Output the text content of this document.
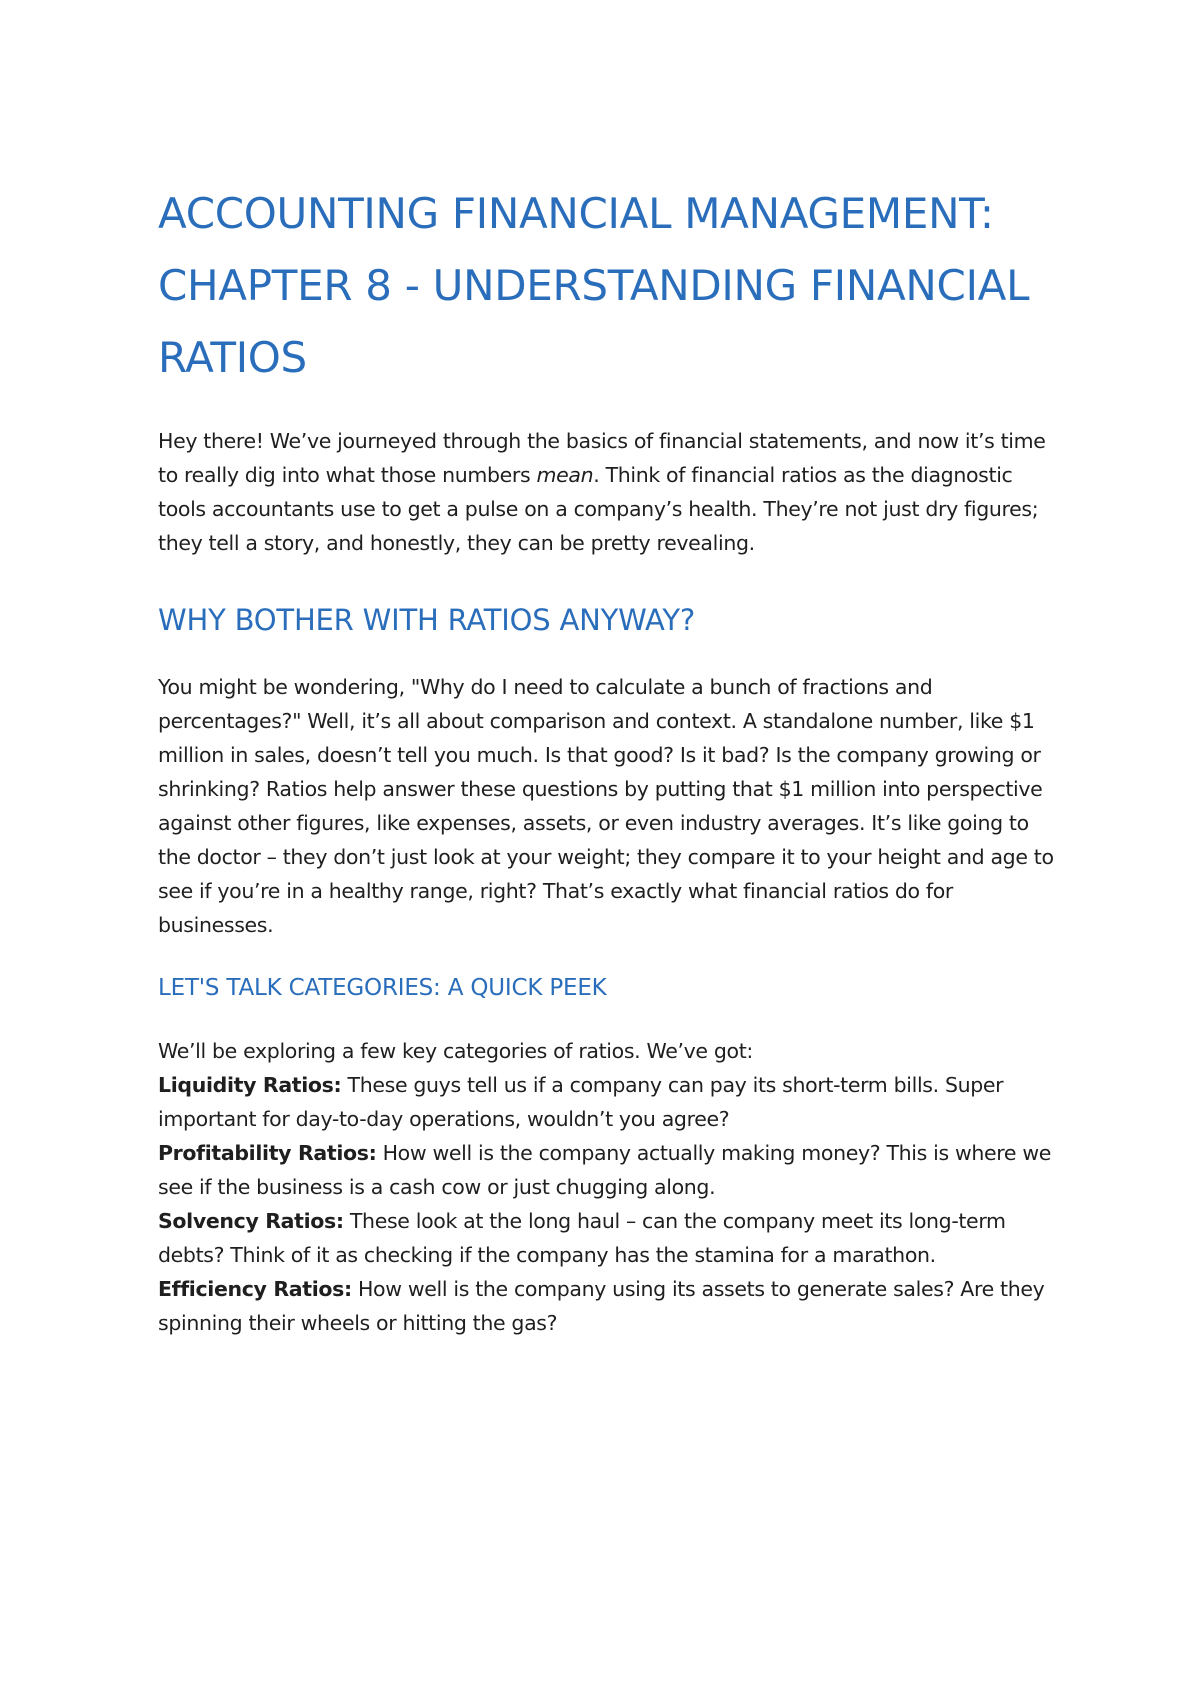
ACCOUNTING FINANCIAL MANAGEMENT: CHAPTER 8 - UNDERSTANDING FINANCIAL RATIOS

Hey there! We’ve journeyed through the basics of financial statements, and now it’s time to really dig into what those numbers mean. Think of financial ratios as the diagnostic tools accountants use to get a pulse on a company’s health. They’re not just dry figures; they tell a story, and honestly, they can be pretty revealing.

WHY BOTHER WITH RATIOS ANYWAY?

You might be wondering, "Why do I need to calculate a bunch of fractions and percentages?" Well, it’s all about comparison and context. A standalone number, like $1 million in sales, doesn’t tell you much. Is that good? Is it bad? Is the company growing or shrinking? Ratios help answer these questions by putting that $1 million into perspective against other figures, like expenses, assets, or even industry averages. It’s like going to the doctor – they don’t just look at your weight; they compare it to your height and age to see if you’re in a healthy range, right? That’s exactly what financial ratios do for businesses.

LET'S TALK CATEGORIES: A QUICK PEEK

We’ll be exploring a few key categories of ratios. We’ve got:

Liquidity Ratios: These guys tell us if a company can pay its short-term bills. Super important for day-to-day operations, wouldn’t you agree?

Profitability Ratios: How well is the company actually making money? This is where we see if the business is a cash cow or just chugging along.

Solvency Ratios: These look at the long haul – can the company meet its long-term debts? Think of it as checking if the company has the stamina for a marathon.

Efficiency Ratios: How well is the company using its assets to generate sales? Are they spinning their wheels or hitting the gas?
